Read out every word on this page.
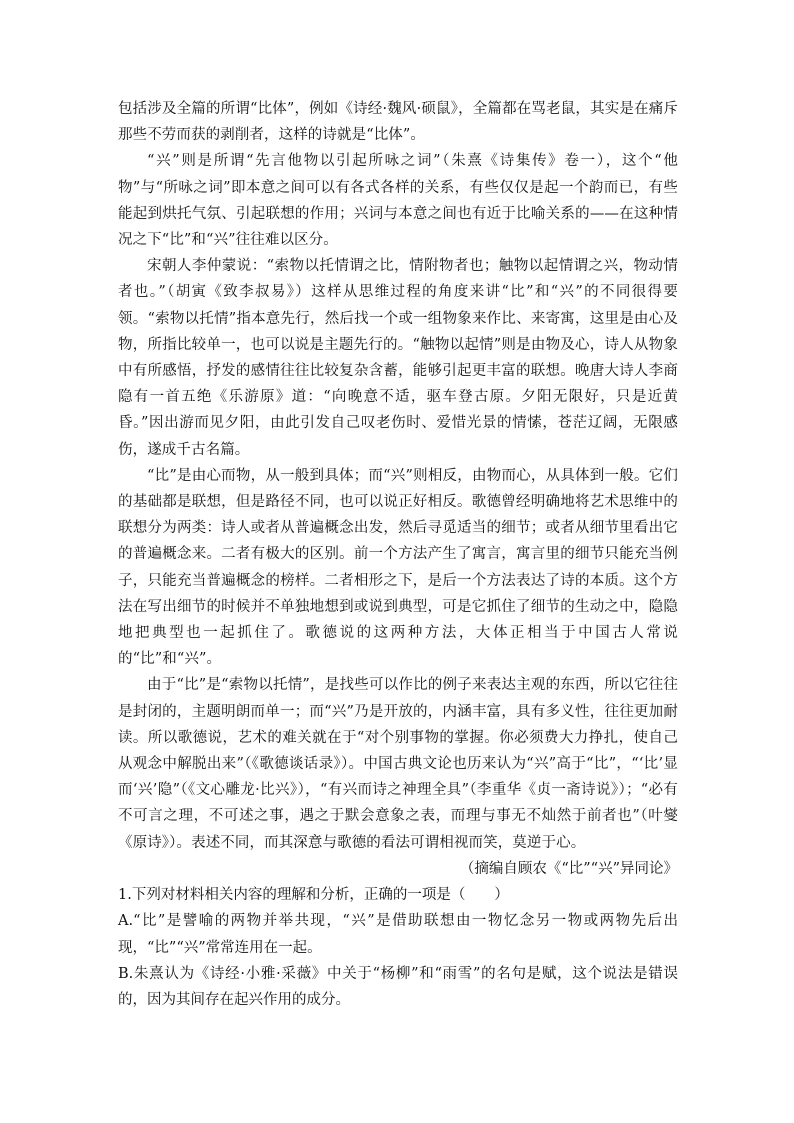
包括涉及全篇的所谓“比体”，例如《诗经·魏风·硕鼠》，全篇都在骂老鼠，其实是在痛斥那些不劳而获的剥削者，这样的诗就是“比体”。

“兴”则是所谓“先言他物以引起所咏之词”（朱熹《诗集传》卷一），这个“他物”与“所咏之词”即本意之间可以有各式各样的关系，有些仅仅是起一个韵而已，有些能起到烘托气氛、引起联想的作用；兴词与本意之间也有近于比喻关系的——在这种情况之下“比”和“兴”往往难以区分。

宋朝人李仲蒙说：“索物以托情谓之比，情附物者也；触物以起情谓之兴，物动情者也。”（胡寅《致李叔易》）这样从思维过程的角度来讲“比”和“兴”的不同很得要领。“索物以托情”指本意先行，然后找一个或一组物象来作比、来寄寓，这里是由心及物，所指比较单一，也可以说是主题先行的。“触物以起情”则是由物及心，诗人从物象中有所感悟，抒发的感情往往比较复杂含蓄，能够引起更丰富的联想。晚唐大诗人李商隐有一首五绝《乐游原》道：“向晚意不适，驱车登古原。夕阳无限好，只是近黄昏。”因出游而见夕阳，由此引发自己叹老伤时、爱惜光景的情愫，苍茫辽阔，无限感伤，遂成千古名篇。

“比”是由心而物，从一般到具体；而“兴”则相反，由物而心，从具体到一般。它们的基础都是联想，但是路径不同，也可以说正好相反。歌德曾经明确地将艺术思维中的联想分为两类：诗人或者从普遍概念出发，然后寻觅适当的细节；或者从细节里看出它的普遍概念来。二者有极大的区别。前一个方法产生了寓言，寓言里的细节只能充当例子，只能充当普遍概念的榜样。二者相形之下，是后一个方法表达了诗的本质。这个方法在写出细节的时候并不单独地想到或说到典型，可是它抓住了细节的生动之中，隐隐地把典型也一起抓住了。歌德说的这两种方法，大体正相当于中国古人常说的“比”和“兴”。

由于“比”是“索物以托情”，是找些可以作比的例子来表达主观的东西，所以它往往是封闭的，主题明朗而单一；而“兴”乃是开放的，内涵丰富，具有多义性，往往更加耐读。所以歌德说，艺术的难关就在于“对个别事物的掌握。你必须费大力挣扎，使自己从观念中解脱出来”（《歌德谈话录》）。中国古典文论也历来认为“兴”高于“比”，“‘比’显而‘兴’隐”（《文心雕龙·比兴》），“有兴而诗之神理全具”（李重华《贞一斋诗说》）；“必有不可言之理，不可述之事，遇之于默会意象之表，而理与事无不灿然于前者也”（叶燮《原诗》）。表述不同，而其深意与歌德的看法可谓相视而笑，莫逆于心。

（摘编自顾农《“比”“兴”异同论》

1.下列对材料相关内容的理解和分析，正确的一项是（　　）

A.“比”是譬喻的两物并举共现，“兴”是借助联想由一物忆念另一物或两物先后出现，“比”“兴”常常连用在一起。

B.朱熹认为《诗经·小雅·采薇》中关于“杨柳”和“雨雪”的名句是赋，这个说法是错误的，因为其间存在起兴作用的成分。
